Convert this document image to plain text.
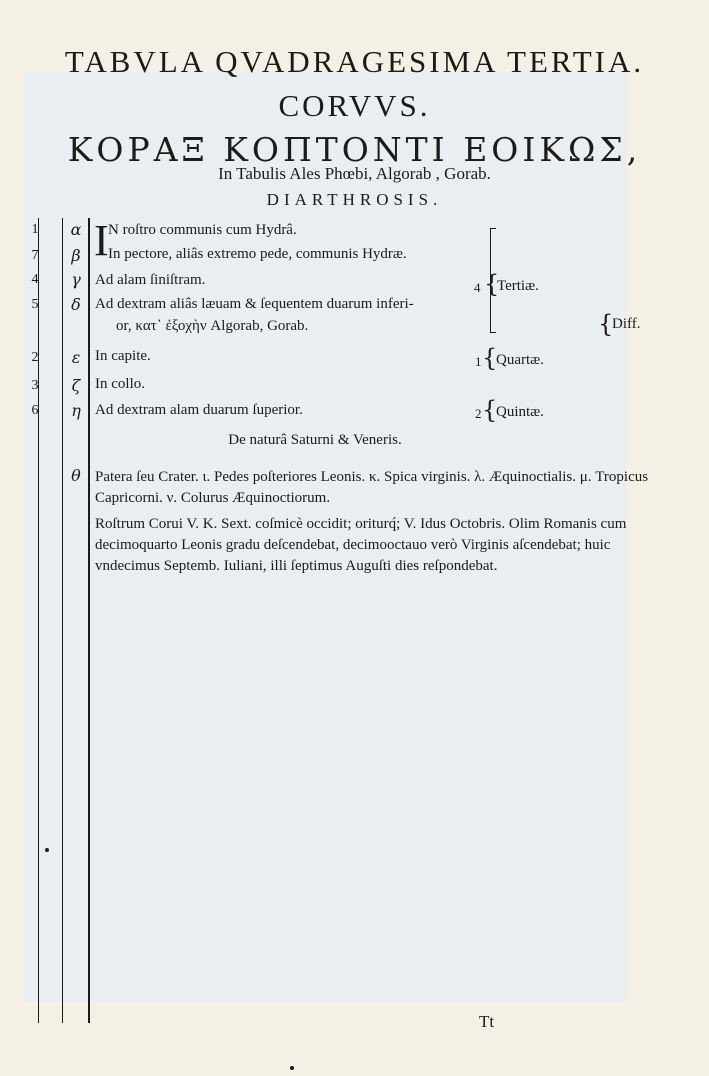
TABVLA QVADRAGESIMA TERTIA.
CORVVS.
ΚΟΡΑΞ ΚΟΠΤΟΝΤΙ ΕΟΙΚΩΣ,
In Tabulis Ales Phœbi, Algorab , Gorab.
DIARTHROSIS.
1	α I N roſtro communis cum Hydrâ.
7	β	In pectore, aliâs extremo pede, communis Hydræ.
4	γ Ad alam ſiniſtram.
5	δ Ad dextram aliâs læuam & ſequentem duarum inferi-
or, κατ᾽ ἐξοχὴν Algorab, Gorab.
4 {
Tertiæ.
{
Diff.
2	ε In capite.	1 {
Quartæ.
3	ζ In collo.
6	η Ad dextram alam duarum ſuperior.	2 {
Quintæ.
De naturâ Saturni & Veneris.
θ Patera ſeu Crater. ι. Pedes poſteriores Leonis. κ. Spica virginis. λ. Æquinoctialis. μ. Tropicus Capricorni. ν. Colurus Æquinoctiorum.
Roſtrum Corui V. K. Sext. coſmicè occidit; oriturq́; V. Idus Octobris. Olim Romanis cum decimoquarto Leonis gradu deſcendebat, decimooctauo verò Virginis aſcendebat; huic vndecimus Septemb. Iuliani, illi ſeptimus Auguſti dies reſpondebat.
Tt
